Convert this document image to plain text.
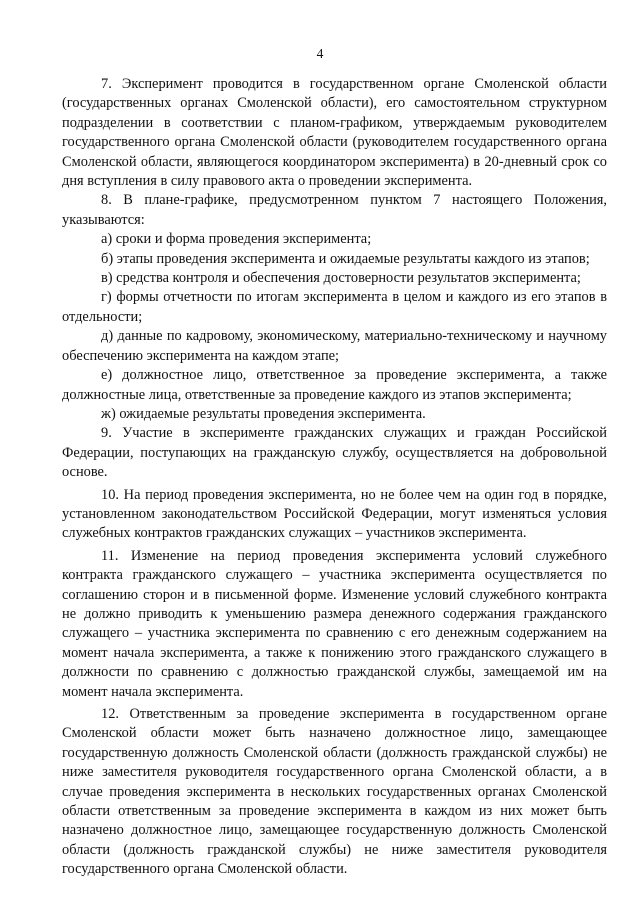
4

7. Эксперимент проводится в государственном органе Смоленской области (государственных органах Смоленской области), его самостоятельном структурном подразделении в соответствии с планом-графиком, утверждаемым руководителем государственного органа Смоленской области (руководителем государственного органа Смоленской области, являющегося координатором эксперимента) в 20-дневный срок со дня вступления в силу правового акта о проведении эксперимента.

8. В плане-графике, предусмотренном пунктом 7 настоящего Положения, указываются:

а) сроки и форма проведения эксперимента;

б) этапы проведения эксперимента и ожидаемые результаты каждого из этапов;

в) средства контроля и обеспечения достоверности результатов эксперимента;

г) формы отчетности по итогам эксперимента в целом и каждого из его этапов в отдельности;

д) данные по кадровому, экономическому, материально-техническому и научному обеспечению эксперимента на каждом этапе;

е) должностное лицо, ответственное за проведение эксперимента, а также должностные лица, ответственные за проведение каждого из этапов эксперимента;

ж) ожидаемые результаты проведения эксперимента.

9. Участие в эксперименте гражданских служащих и граждан Российской Федерации, поступающих на гражданскую службу, осуществляется на добровольной основе.

10. На период проведения эксперимента, но не более чем на один год в порядке, установленном законодательством Российской Федерации, могут изменяться условия служебных контрактов гражданских служащих – участников эксперимента.

11. Изменение на период проведения эксперимента условий служебного контракта гражданского служащего – участника эксперимента осуществляется по соглашению сторон и в письменной форме. Изменение условий служебного контракта не должно приводить к уменьшению размера денежного содержания гражданского служащего – участника эксперимента по сравнению с его денежным содержанием на момент начала эксперимента, а также к понижению этого гражданского служащего в должности по сравнению с должностью гражданской службы, замещаемой им на момент начала эксперимента.

12. Ответственным за проведение эксперимента в государственном органе Смоленской области может быть назначено должностное лицо, замещающее государственную должность Смоленской области (должность гражданской службы) не ниже заместителя руководителя государственного органа Смоленской области, а в случае проведения эксперимента в нескольких государственных органах Смоленской области ответственным за проведение эксперимента в каждом из них может быть назначено должностное лицо, замещающее государственную должность Смоленской области (должность гражданской службы) не ниже заместителя руководителя государственного органа Смоленской области.
